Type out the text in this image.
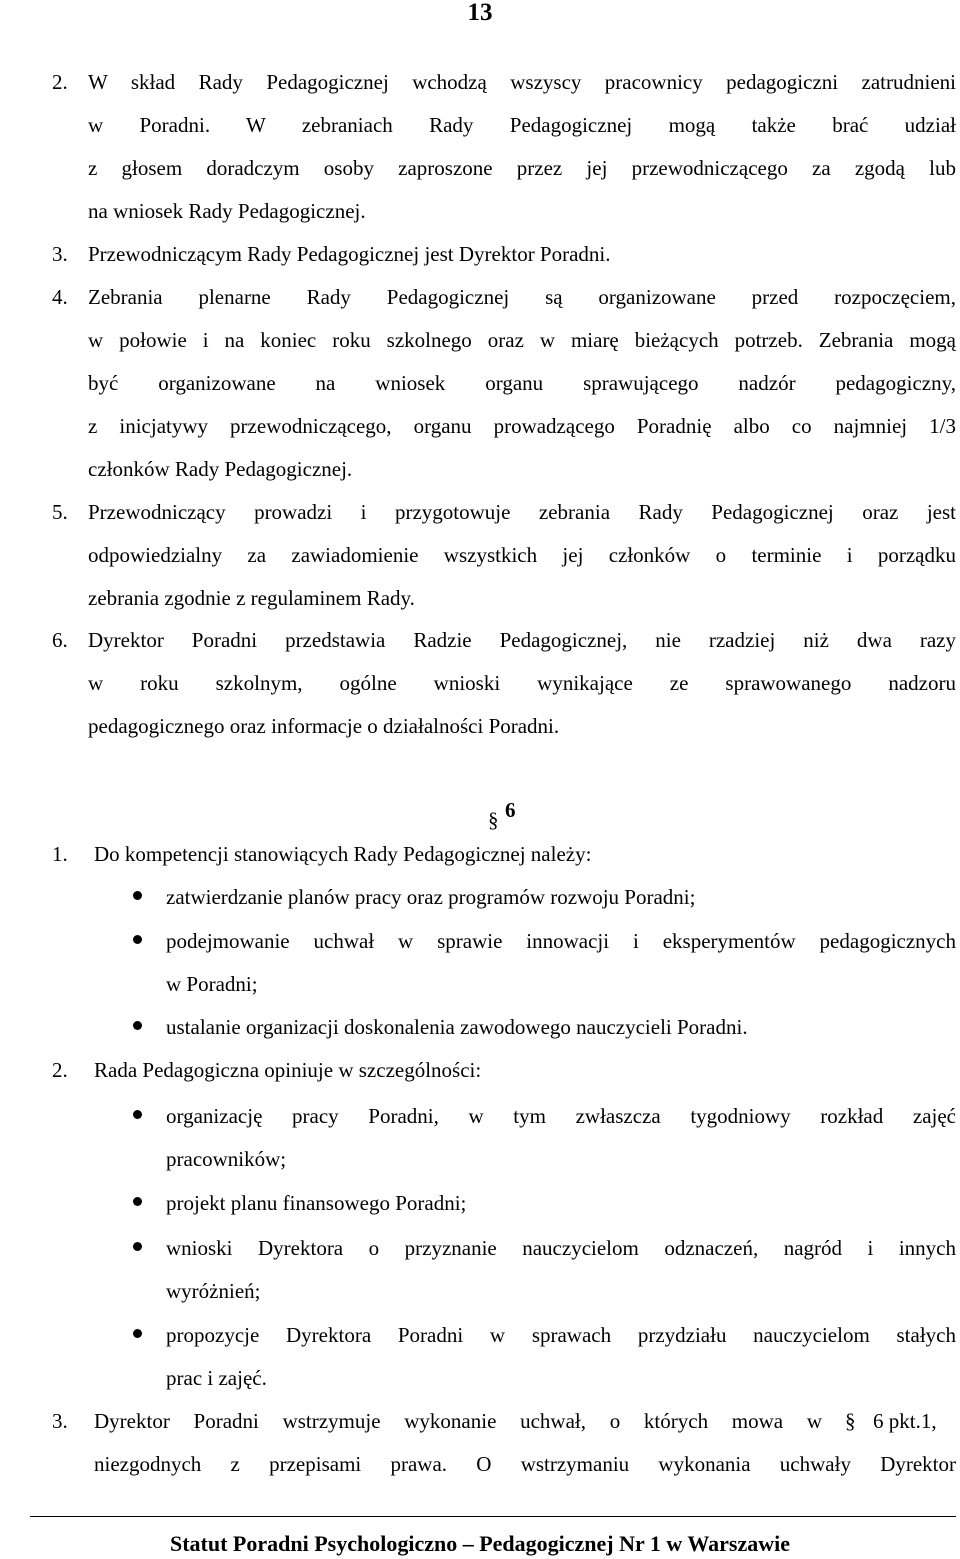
13
2. W skład Rady Pedagogicznej wchodzą wszyscy pracownicy pedagogiczni zatrudnieni
w Poradni. W zebraniach Rady Pedagogicznej mogą także brać udział
z głosem doradczym osoby zaproszone przez jej przewodniczącego za zgodą lub
na wniosek Rady Pedagogicznej.
3. Przewodniczącym Rady Pedagogicznej jest Dyrektor Poradni.
4. Zebrania plenarne Rady Pedagogicznej są organizowane przed rozpoczęciem,
w połowie i na koniec roku szkolnego oraz w miarę bieżących potrzeb. Zebrania mogą
być organizowane na wniosek organu sprawującego nadzór pedagogiczny,
z inicjatywy przewodniczącego, organu prowadzącego Poradnię albo co najmniej 1/3
członków Rady Pedagogicznej.
5. Przewodniczący prowadzi i przygotowuje zebrania Rady Pedagogicznej oraz jest
odpowiedzialny za zawiadomienie wszystkich jej członków o terminie i porządku
zebrania zgodnie z regulaminem Rady.
6. Dyrektor Poradni przedstawia Radzie Pedagogicznej, nie rzadziej niż dwa razy
w roku szkolnym, ogólne wnioski wynikające ze sprawowanego nadzoru
pedagogicznego oraz informacje o działalności Poradni.
§ 6
1. Do kompetencji stanowiących Rady Pedagogicznej należy:
zatwierdzanie planów pracy oraz programów rozwoju Poradni;
podejmowanie uchwał w sprawie innowacji i eksperymentów pedagogicznych
w Poradni;
ustalanie organizacji doskonalenia zawodowego nauczycieli Poradni.
2. Rada Pedagogiczna opiniuje w szczególności:
organizację pracy Poradni, w tym zwłaszcza tygodniowy rozkład zajęć
pracowników;
projekt planu finansowego Poradni;
wnioski Dyrektora o przyznanie nauczycielom odznaczeń, nagród i innych
wyróżnień;
propozycje Dyrektora Poradni w sprawach przydziału nauczycielom stałych
prac i zajęć.
3. Dyrektor Poradni wstrzymuje wykonanie uchwał, o których mowa w § 6 pkt.1,
niezgodnych z przepisami prawa. O wstrzymaniu wykonania uchwały Dyrektor
Statut Poradni Psychologiczno – Pedagogicznej Nr 1 w Warszawie
